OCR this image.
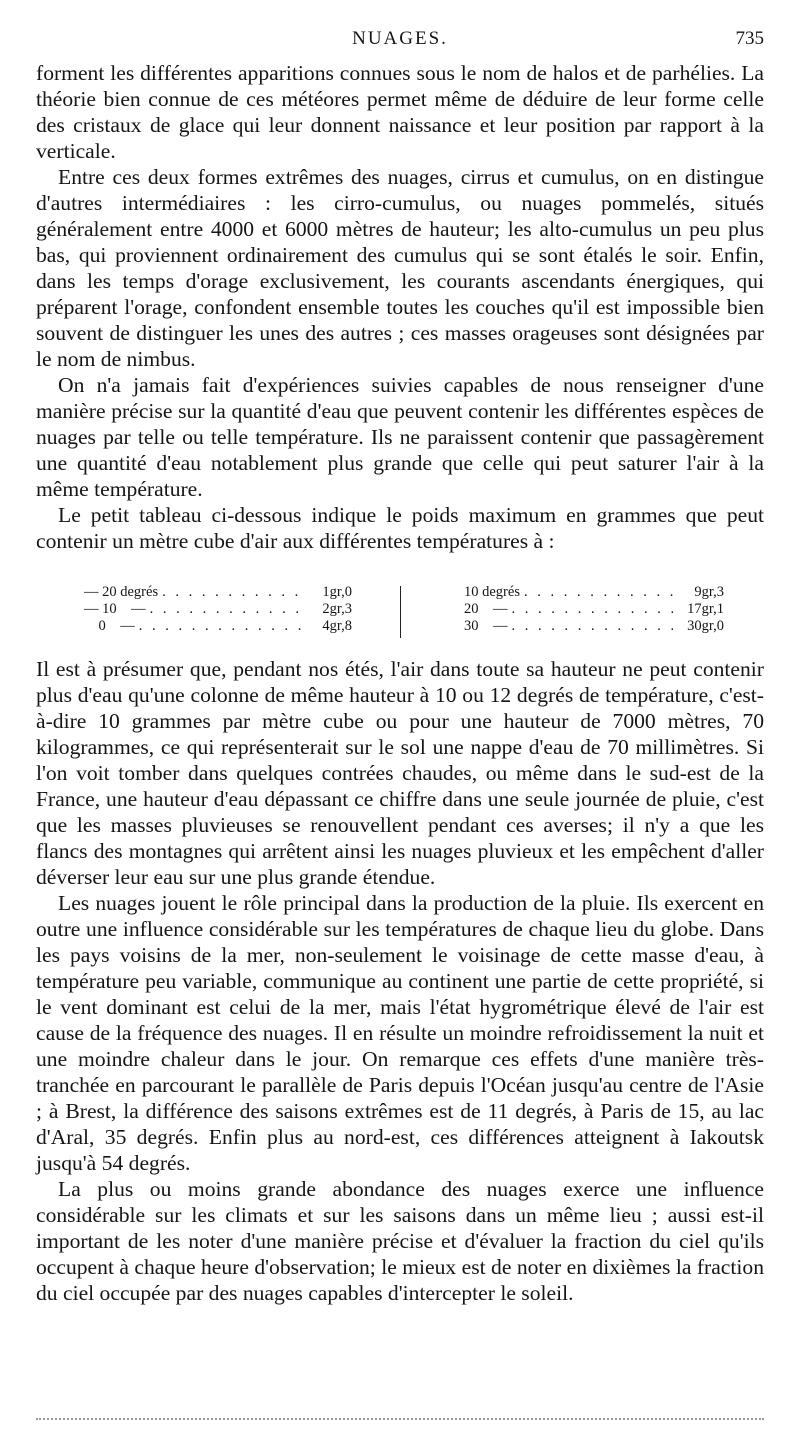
NUAGES.	735

forment les différentes apparitions connues sous le nom de halos et de parhélies. La théorie bien connue de ces météores permet même de déduire de leur forme celle des cristaux de glace qui leur donnent naissance et leur position par rapport à la verticale.

Entre ces deux formes extrêmes des nuages, cirrus et cumulus, on en distingue d'autres intermédiaires : les cirro-cumulus, ou nuages pommelés, situés généralement entre 4000 et 6000 mètres de hauteur; les alto-cumulus un peu plus bas, qui proviennent ordinairement des cumulus qui se sont étalés le soir. Enfin, dans les temps d'orage exclusivement, les courants ascendants énergiques, qui préparent l'orage, confondent ensemble toutes les couches qu'il est impossible bien souvent de distinguer les unes des autres ; ces masses orageuses sont désignées par le nom de nimbus.

On n'a jamais fait d'expériences suivies capables de nous renseigner d'une manière précise sur la quantité d'eau que peuvent contenir les différentes espèces de nuages par telle ou telle température. Ils ne paraissent contenir que passagèrement une quantité d'eau notablement plus grande que celle qui peut saturer l'air à la même température.

Le petit tableau ci-dessous indique le poids maximum en grammes que peut contenir un mètre cube d'air aux différentes températures à :

— 20 degrés . . .	1gr,0
— 10    — . . .	2gr,3
0    — . . .	4gr,8
10 degrés . . .	9gr,3
20    — . . .	17gr,1
30    — . . .	30gr,0

Il est à présumer que, pendant nos étés, l'air dans toute sa hauteur ne peut contenir plus d'eau qu'une colonne de même hauteur à 10 ou 12 degrés de température, c'est-à-dire 10 grammes par mètre cube ou pour une hauteur de 7000 mètres, 70 kilogrammes, ce qui représenterait sur le sol une nappe d'eau de 70 millimètres. Si l'on voit tomber dans quelques contrées chaudes, ou même dans le sud-est de la France, une hauteur d'eau dépassant ce chiffre dans une seule journée de pluie, c'est que les masses pluvieuses se renouvellent pendant ces averses; il n'y a que les flancs des montagnes qui arrêtent ainsi les nuages pluvieux et les empêchent d'aller déverser leur eau sur une plus grande étendue.

Les nuages jouent le rôle principal dans la production de la pluie. Ils exercent en outre une influence considérable sur les températures de chaque lieu du globe. Dans les pays voisins de la mer, non-seulement le voisinage de cette masse d'eau, à température peu variable, communique au continent une partie de cette propriété, si le vent dominant est celui de la mer, mais l'état hygrométrique élevé de l'air est cause de la fréquence des nuages. Il en résulte un moindre refroidissement la nuit et une moindre chaleur dans le jour. On remarque ces effets d'une manière très-tranchée en parcourant le parallèle de Paris depuis l'Océan jusqu'au centre de l'Asie ; à Brest, la différence des saisons extrêmes est de 11 degrés, à Paris de 15, au lac d'Aral, 35 degrés. Enfin plus au nord-est, ces différences atteignent à Iakoutsk jusqu'à 54 degrés.

La plus ou moins grande abondance des nuages exerce une influence considérable sur les climats et sur les saisons dans un même lieu ; aussi est-il important de les noter d'une manière précise et d'évaluer la fraction du ciel qu'ils occupent à chaque heure d'observation; le mieux est de noter en dixièmes la fraction du ciel occupée par des nuages capables d'intercepter le soleil.
